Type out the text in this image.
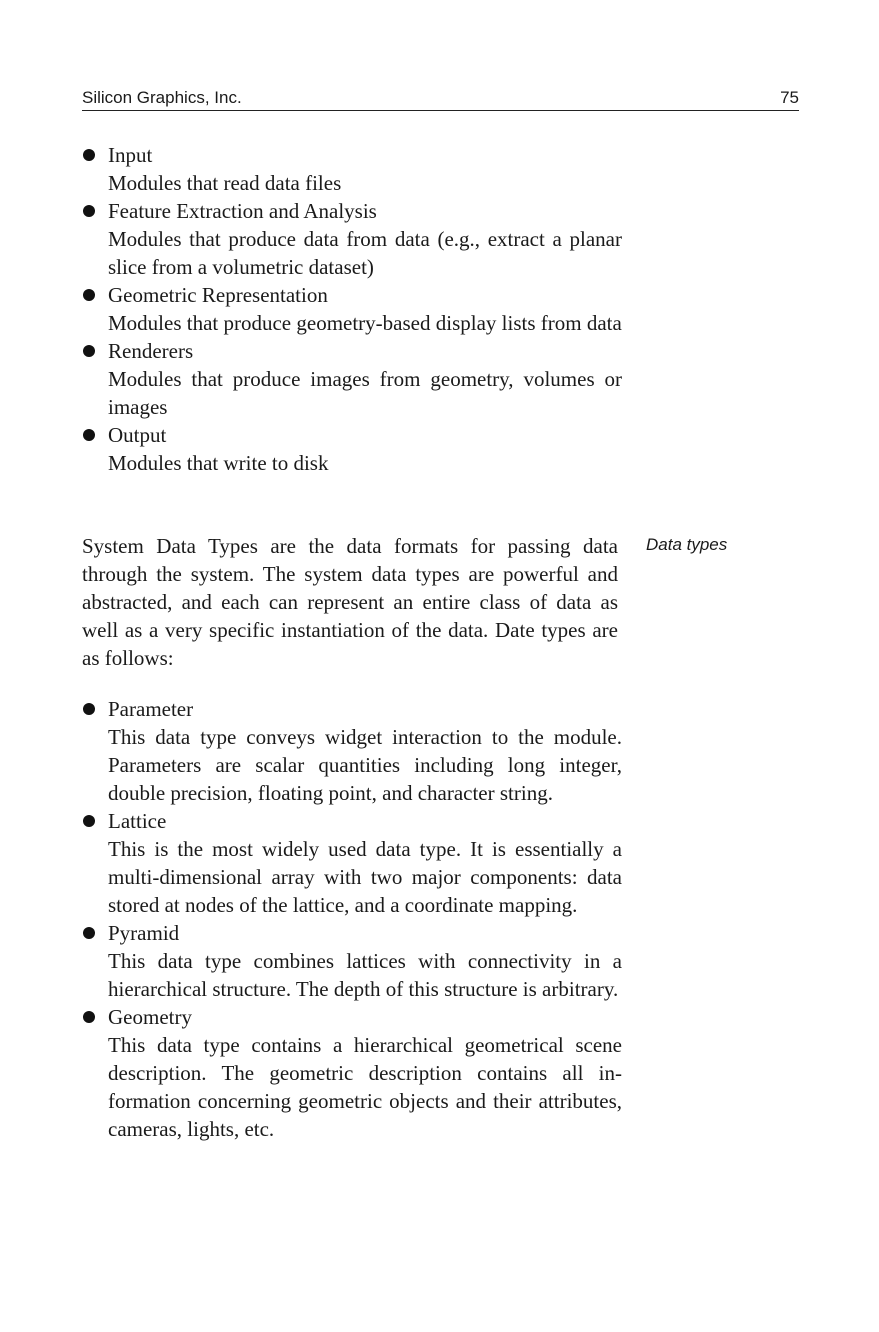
Silicon Graphics, Inc.	75
Input
Modules that read data files
Feature Extraction and Analysis
Modules that produce data from data (e.g., extract a planar slice from a volumetric dataset)
Geometric Representation
Modules that produce geometry-based display lists from data
Renderers
Modules that produce images from geometry, volumes or images
Output
Modules that write to disk

System Data Types are the data formats for passing data through the system. The system data types are powerful and abstracted, and each can represent an entire class of data as well as a very specific instantiation of the data. Date types are as follows:

Data types
Parameter
This data type conveys widget interaction to the module. Parameters are scalar quantities including long integer, double precision, floating point, and character string.
Lattice
This is the most widely used data type. It is essentially a multi-dimensional array with two major components: data stored at nodes of the lattice, and a coordinate mapping.
Pyramid
This data type combines lattices with connectivity in a hierarchical structure. The depth of this structure is arbitrary.
Geometry
This data type contains a hierarchical geometrical scene description. The geometric description contains all information concerning geometric objects and their attributes, cameras, lights, etc.
